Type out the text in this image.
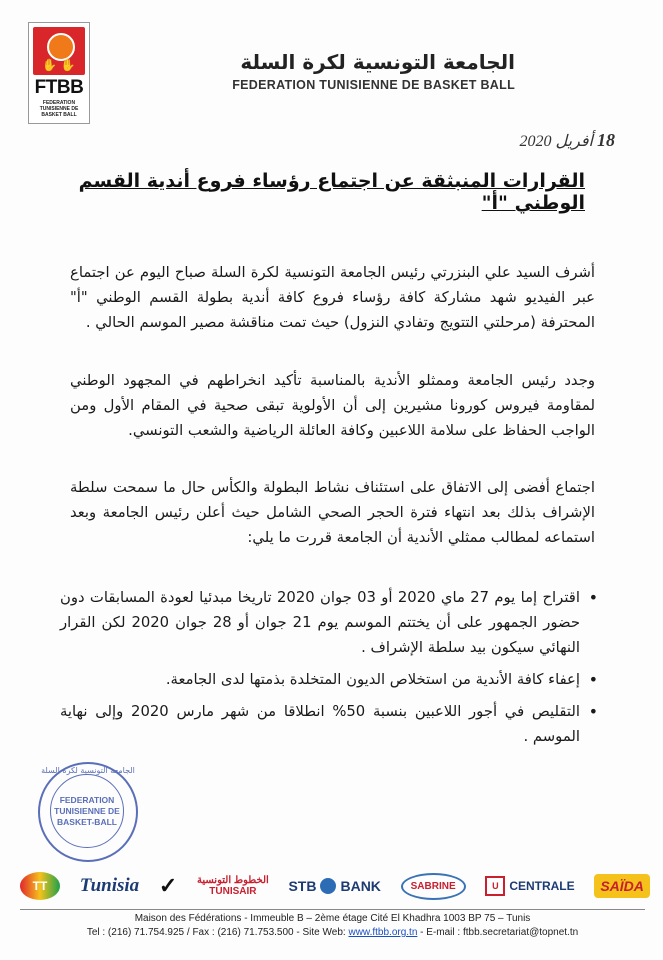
✋ ✋
FTBB
FEDERATION TUNISIENNE DE BASKET BALL
الجامعة التونسية لكرة السلة
FEDERATION TUNISIENNE DE BASKET BALL
18 أفريل 2020
القرارات المنبثقة عن اجتماع رؤساء فروع أندية القسم الوطني "أ"
أشرف السيد علي البنزرتي رئيس الجامعة التونسية لكرة السلة صباح اليوم عن اجتماع عبر الفيديو شهد مشاركة كافة رؤساء فروع كافة أندية بطولة القسم الوطني "أ" المحترفة (مرحلتي التتويج وتفادي النزول) حيث تمت مناقشة مصير الموسم الحالي .
وجدد رئيس الجامعة وممثلو الأندية بالمناسبة تأكيد انخراطهم في المجهود الوطني لمقاومة فيروس كورونا مشيرين إلى أن الأولوية تبقى صحية في المقام الأول ومن الواجب الحفاظ على سلامة اللاعبين وكافة العائلة الرياضية والشعب التونسي.
اجتماع أفضى إلى الاتفاق على استئناف نشاط البطولة والكأس حال ما سمحت سلطة الإشراف بذلك بعد انتهاء فترة الحجر الصحي الشامل حيث أعلن رئيس الجامعة وبعد استماعه لمطالب ممثلي الأندية أن الجامعة قررت ما يلي:
• اقتراح إما يوم 27 ماي 2020 أو 03 جوان 2020 تاريخا مبدئيا لعودة المسابقات دون حضور الجمهور على أن يختتم الموسم يوم 21 جوان أو 28 جوان 2020 لكن القرار النهائي سيكون بيد سلطة الإشراف .
• إعفاء كافة الأندية من استخلاص الديون المتخلدة بذمتها لدى الجامعة.
• التقليص في أجور اللاعبين بنسبة 50% انطلاقا من شهر مارس 2020 وإلى نهاية الموسم .
الجامعة التونسية لكرة السلة
FEDERATION TUNISIENNE DE BASKET-BALL
TT	Tunisia ✓ الخطوط التونسية
TUNISAIR STB BANK	SABRINE	U CENTRALE	SAÏDA
Maison des Fédérations - Immeuble B – 2ème étage Cité El Khadhra 1003 BP 75 – Tunis
Tel : (216) 71.754.925 / Fax : (216) 71.753.500 - Site Web: www.ftbb.org.tn - E-mail : ftbb.secretariat@topnet.tn
